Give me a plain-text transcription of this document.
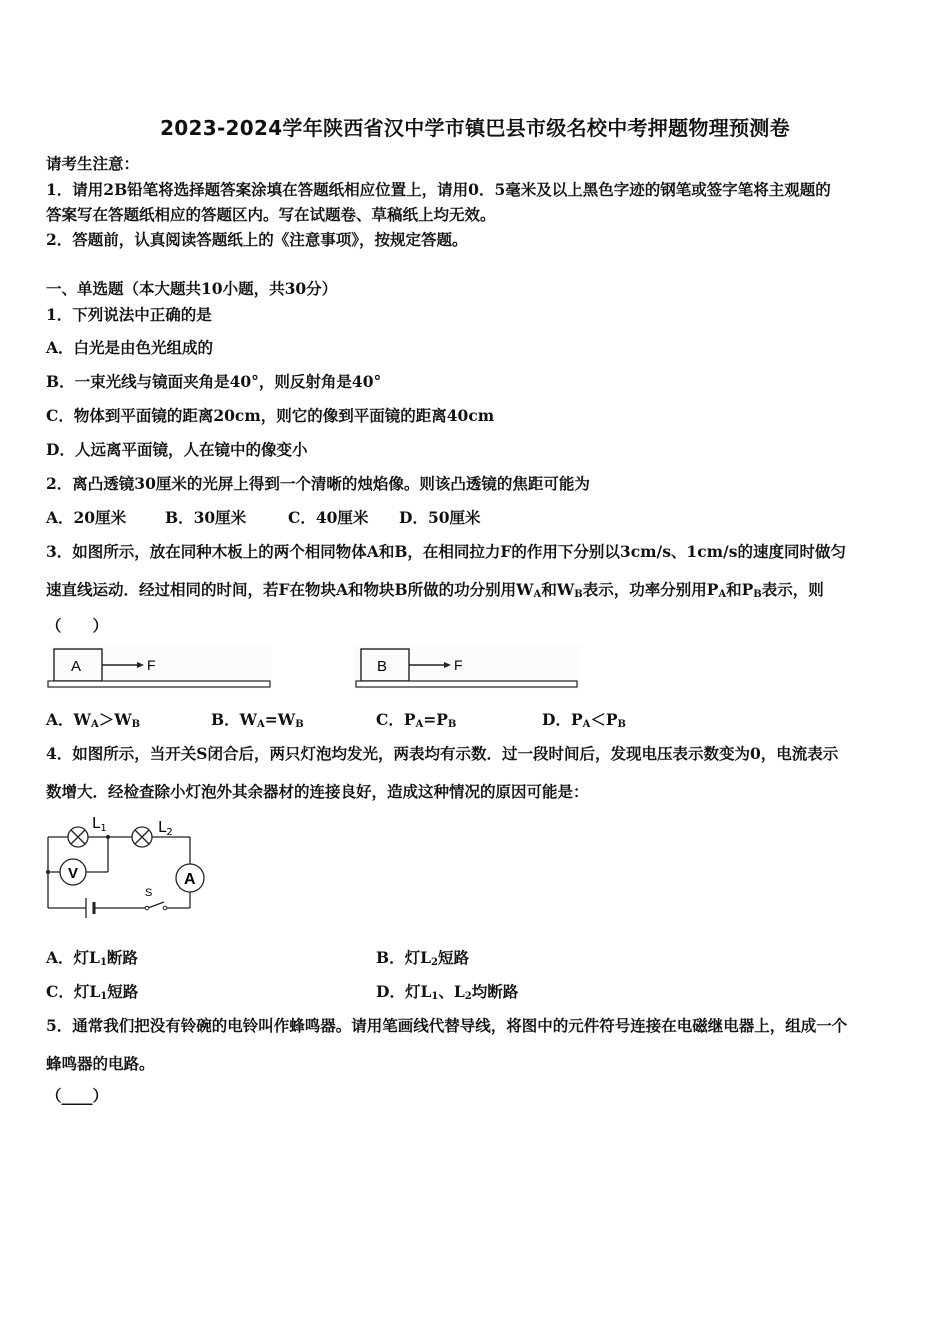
2023-2024学年陕西省汉中学市镇巴县市级名校中考押题物理预测卷
请考生注意：
1．请用2B铅笔将选择题答案涂填在答题纸相应位置上，请用0．5毫米及以上黑色字迹的钢笔或签字笔将主观题的
答案写在答题纸相应的答题区内。写在试题卷、草稿纸上均无效。
2．答题前，认真阅读答题纸上的《注意事项》，按规定答题。
一、单选题（本大题共10小题，共30分）
1．下列说法中正确的是
A．白光是由色光组成的
B．一束光线与镜面夹角是40°，则反射角是40°
C．物体到平面镜的距离20cm，则它的像到平面镜的距离40cm
D．人远离平面镜，人在镜中的像变小
2．离凸透镜30厘米的光屏上得到一个清晰的烛焰像。则该凸透镜的焦距可能为
A．20厘米	B．30厘米	C．40厘米 D．50厘米
3．如图所示，放在同种木板上的两个相同物体A和B，在相同拉力F的作用下分别以3cm/s、1cm/s的速度同时做匀
速直线运动．经过相同的时间，若F在物块A和物块B所做的功分别用$W_A$和$W_B$表示，功率分别用$P_A$和$P_B$表示，则
（　　）
A	F	B	F
A．$W_A>W_B$	B．$W_A=W_B$	C．$P_A=P_B$	D．$P_A<P_B$
4．如图所示，当开关S闭合后，两只灯泡均发光，两表均有示数．过一段时间后，发现电压表示数变为0，电流表示
数增大．经检查除小灯泡外其余器材的连接良好，造成这种情况的原因可能是：
$L_1$	$L_2$
V	A
S
A．灯$L_1$断路	B．灯$L_2$短路
C．灯$L_1$短路	D．灯$L_1$、$L_2$均断路
5．通常我们把没有铃碗的电铃叫作蜂鸣器。请用笔画线代替导线，将图中的元件符号连接在电磁继电器上，组成一个
蜂鸣器的电路。
（____）
